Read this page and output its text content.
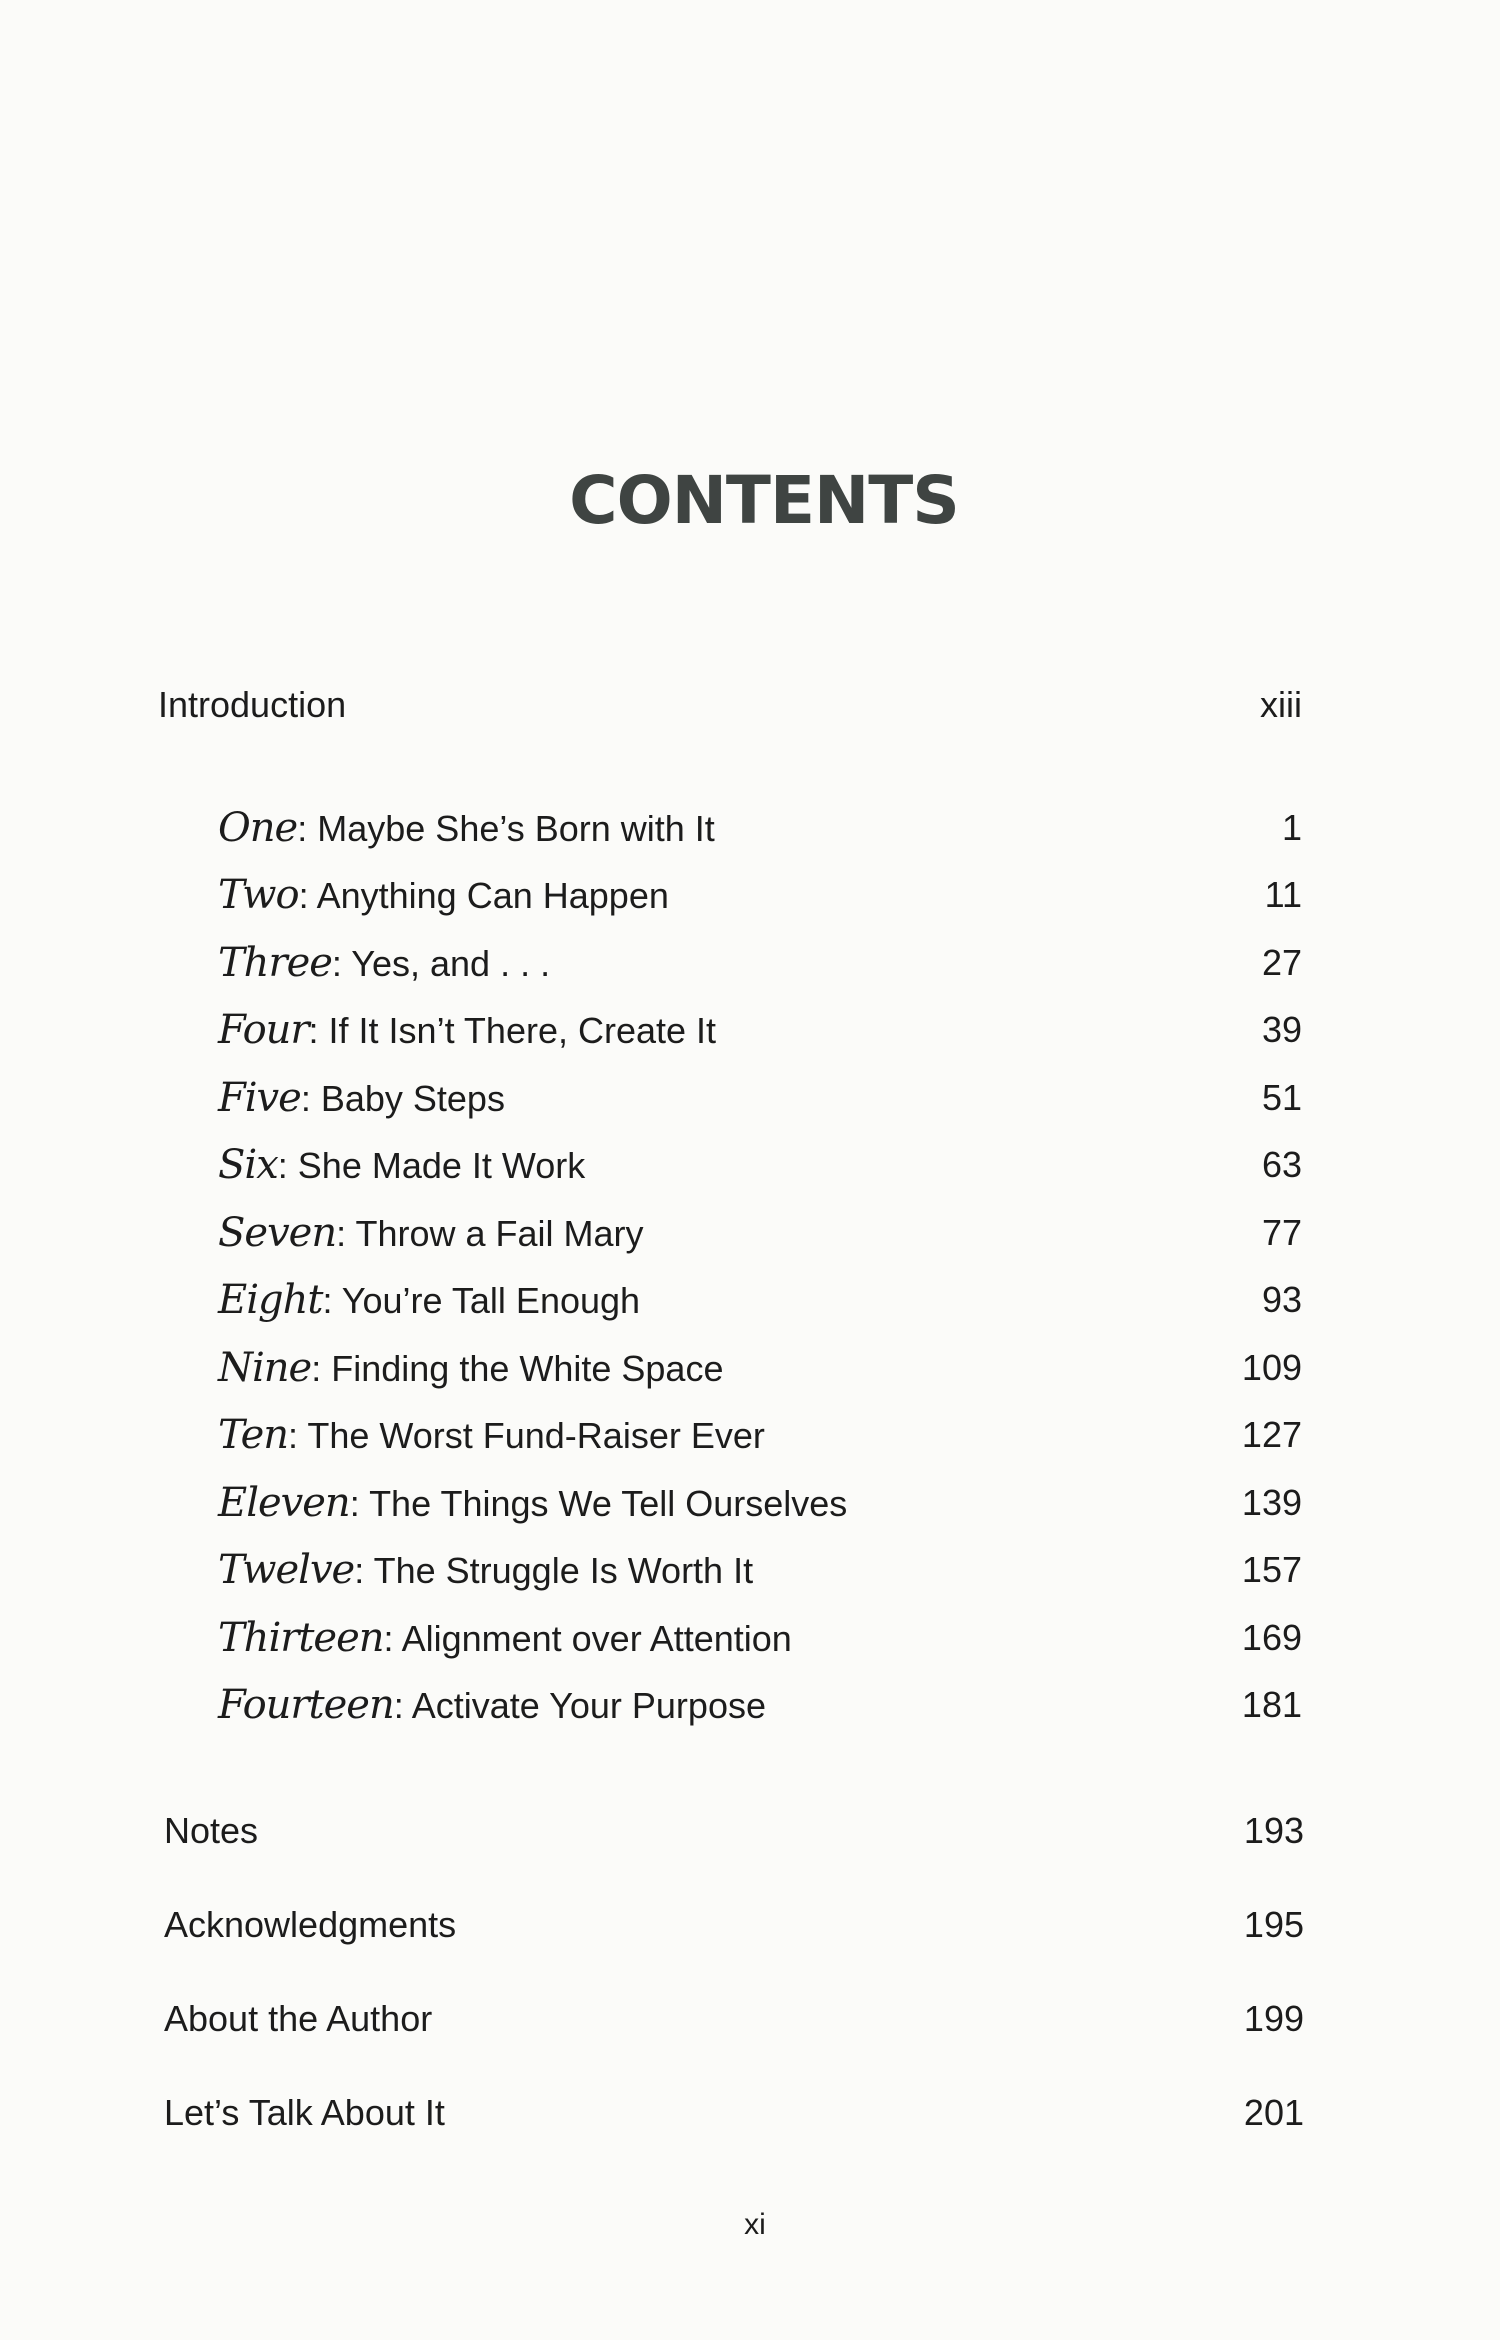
CONTENTS
Introduction	xiii
One: Maybe She’s Born with It	1
Two: Anything Can Happen	11
Three: Yes, and . . .	27
Four: If It Isn’t There, Create It	39
Five: Baby Steps	51
Six: She Made It Work	63
Seven: Throw a Fail Mary	77
Eight: You’re Tall Enough	93
Nine: Finding the White Space	109
Ten: The Worst Fund-Raiser Ever	127
Eleven: The Things We Tell Ourselves	139
Twelve: The Struggle Is Worth It	157
Thirteen: Alignment over Attention	169
Fourteen: Activate Your Purpose	181
Notes	193
Acknowledgments	195
About the Author	199
Let’s Talk About It	201
xi
